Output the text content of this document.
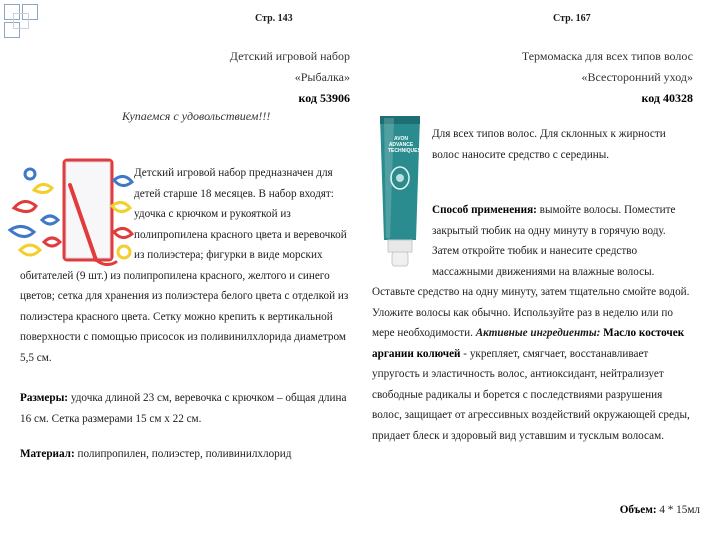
Стр. 143
Детский игровой набор
«Рыбалка»
код 53906
Купаемся с удовольствием!!!
Детский игровой набор предназначен для детей старше 18 месяцев. В набор входят: удочка с крючком и рукояткой из полипропилена красного цвета и веревочкой из полиэстера; фигурки в виде морских обитателей (9 шт.) из полипропилена красного, желтого и синего цветов; сетка для хранения из полиэстера белого цвета с отделкой из полиэстера красного цвета. Сетку можно крепить к вертикальной поверхности с помощью присосок из поливинилхлорида диаметром 5,5 см.
Размеры: удочка длиной 23 см, веревочка с крючком – общая длина 16 см. Сетка размерами 15 см х 22 см.
Материал: полипропилен, полиэстер, поливинилхлорид
Стр. 167
Термомаска для всех типов волос
«Всесторонний уход»
код 40328
AVON
ADVANCE TECHNIQUES
Для всех типов волос. Для склонных к жирности волос наносите средство с середины.
Способ применения: вымойте волосы. Поместите закрытый тюбик на одну минуту в горячую воду. Затем откройте тюбик и нанесите средство массажными движениями на влажные волосы. Оставьте средство на одну минуту, затем тщательно смойте водой. Уложите волосы как обычно. Используйте раз в неделю или по мере необходимости. Активные ингредиенты: Масло косточек аргании колючей - укрепляет, смягчает, восстанавливает упругость и эластичность волос, антиоксидант, нейтрализует свободные радикалы и борется с последствиями разрушения волос, защищает от агрессивных воздействий окружающей среды, придает блеск и здоровый вид уставшим и тусклым волосам.
Объем: 4 * 15мл
